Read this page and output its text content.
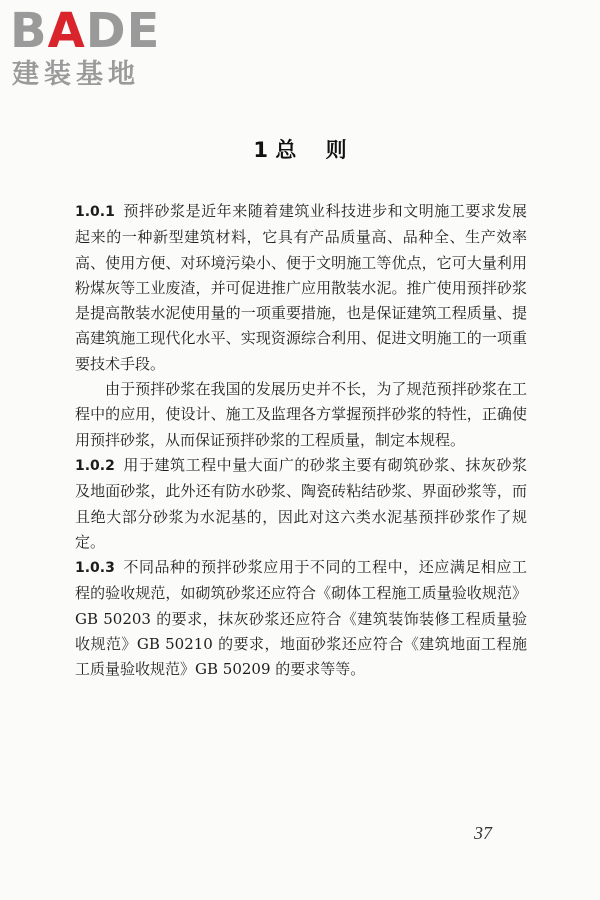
BADE
建装基地
1 总    则

1.0.1 预拌砂浆是近年来随着建筑业科技进步和文明施工要求发展起来的一种新型建筑材料，它具有产品质量高、品种全、生产效率高、使用方便、对环境污染小、便于文明施工等优点，它可大量利用粉煤灰等工业废渣，并可促进推广应用散装水泥。推广使用预拌砂浆是提高散装水泥使用量的一项重要措施，也是保证建筑工程质量、提高建筑施工现代化水平、实现资源综合利用、促进文明施工的一项重要技术手段。

由于预拌砂浆在我国的发展历史并不长，为了规范预拌砂浆在工程中的应用，使设计、施工及监理各方掌握预拌砂浆的特性，正确使用预拌砂浆，从而保证预拌砂浆的工程质量，制定本规程。

1.0.2 用于建筑工程中量大面广的砂浆主要有砌筑砂浆、抹灰砂浆及地面砂浆，此外还有防水砂浆、陶瓷砖粘结砂浆、界面砂浆等，而且绝大部分砂浆为水泥基的，因此对这六类水泥基预拌砂浆作了规定。

1.0.3 不同品种的预拌砂浆应用于不同的工程中，还应满足相应工程的验收规范，如砌筑砂浆还应符合《砌体工程施工质量验收规范》GB 50203 的要求，抹灰砂浆还应符合《建筑装饰装修工程质量验收规范》GB 50210 的要求，地面砂浆还应符合《建筑地面工程施工质量验收规范》GB 50209 的要求等等。

37
